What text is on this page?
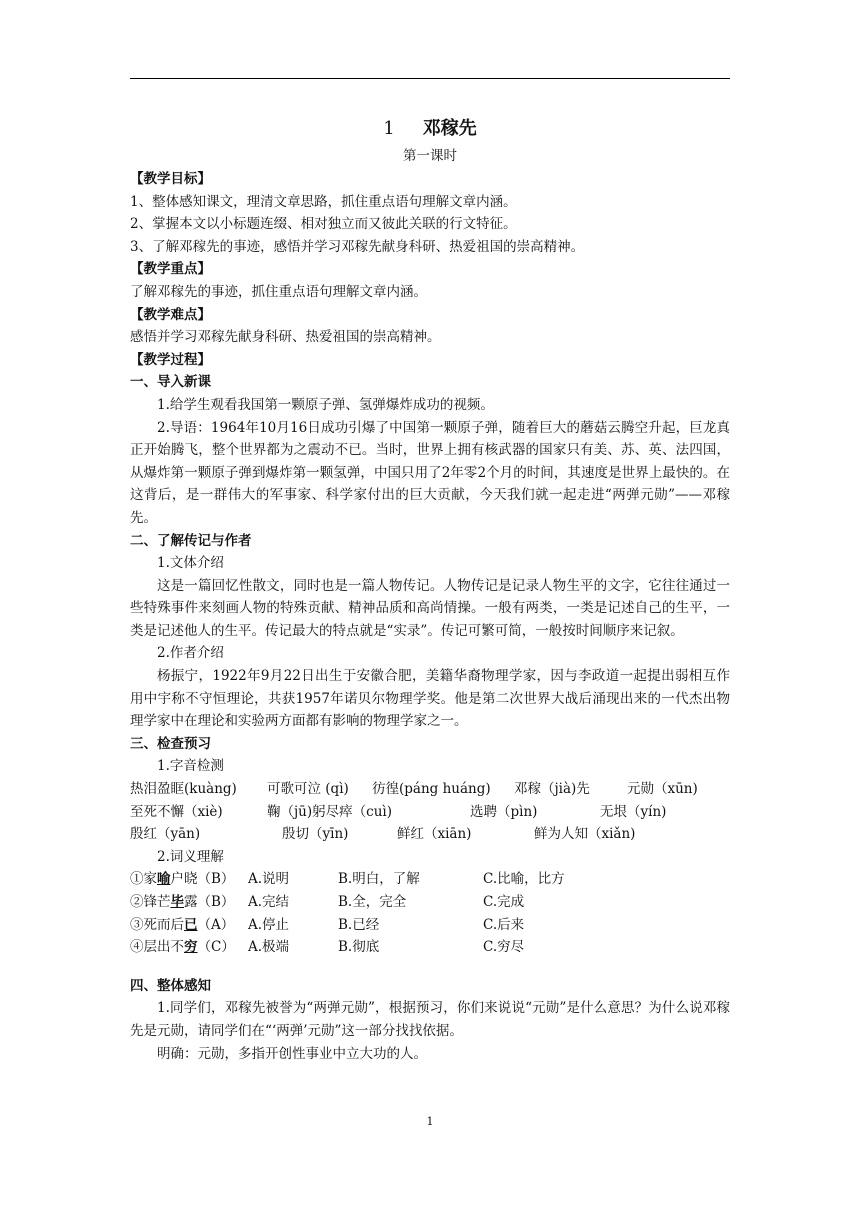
1 邓稼先
第一课时

【教学目标】

1、整体感知课文，理清文章思路，抓住重点语句理解文章内涵。

2、掌握本文以小标题连缀、相对独立而又彼此关联的行文特征。

3、了解邓稼先的事迹，感悟并学习邓稼先献身科研、热爱祖国的崇高精神。

【教学重点】

了解邓稼先的事迹，抓住重点语句理解文章内涵。

【教学难点】

感悟并学习邓稼先献身科研、热爱祖国的崇高精神。

【教学过程】

一、导入新课

1.给学生观看我国第一颗原子弹、氢弹爆炸成功的视频。

2.导语：1964年10月16日成功引爆了中国第一颗原子弹，随着巨大的蘑菇云腾空升起，巨龙真正开始腾飞，整个世界都为之震动不已。当时，世界上拥有核武器的国家只有美、苏、英、法四国，从爆炸第一颗原子弹到爆炸第一颗氢弹，中国只用了2年零2个月的时间，其速度是世界上最快的。在这背后，是一群伟大的军事家、科学家付出的巨大贡献，今天我们就一起走进“两弹元勋”——邓稼先。

二、了解传记与作者

1.文体介绍

这是一篇回忆性散文，同时也是一篇人物传记。人物传记是记录人物生平的文字，它往往通过一些特殊事件来刻画人物的特殊贡献、精神品质和高尚情操。一般有两类，一类是记述自己的生平，一类是记述他人的生平。传记最大的特点就是“实录”。传记可繁可简，一般按时间顺序来记叙。

2.作者介绍

杨振宁，1922年9月22日出生于安徽合肥，美籍华裔物理学家，因与李政道一起提出弱相互作用中宇称不守恒理论，共获1957年诺贝尔物理学奖。他是第二次世界大战后涌现出来的一代杰出物理学家中在理论和实验两方面都有影响的物理学家之一。

三、检查预习

1.字音检测

热泪盈眶(kuàng)	可歌可泣 (qì)	彷徨(páng huáng)	邓稼（jià)先	元勋（xūn)
至死不懈（xiè)	鞠（jū)躬尽瘁（cuì)	选聘（pìn)	无垠（yín)
殷红（yān)	殷切（yīn)	鲜红（xiān)	鲜为人知（xiǎn)

2.词义理解

①家喻户晓（B）	A.说明	B.明白，了解	C.比喻，比方
②锋芒毕露（B）	A.完结	B.全，完全	C.完成
③死而后已（A）	A.停止	B.已经	C.后来
④层出不穷（C） A.极端	B.彻底	C.穷尽

四、整体感知

1.同学们，邓稼先被誉为“两弹元勋”，根据预习，你们来说说“元勋”是什么意思？为什么说邓稼先是元勋，请同学们在“‘两弹’元勋”这一部分找找依据。

明确：元勋，多指开创性事业中立大功的人。

1
